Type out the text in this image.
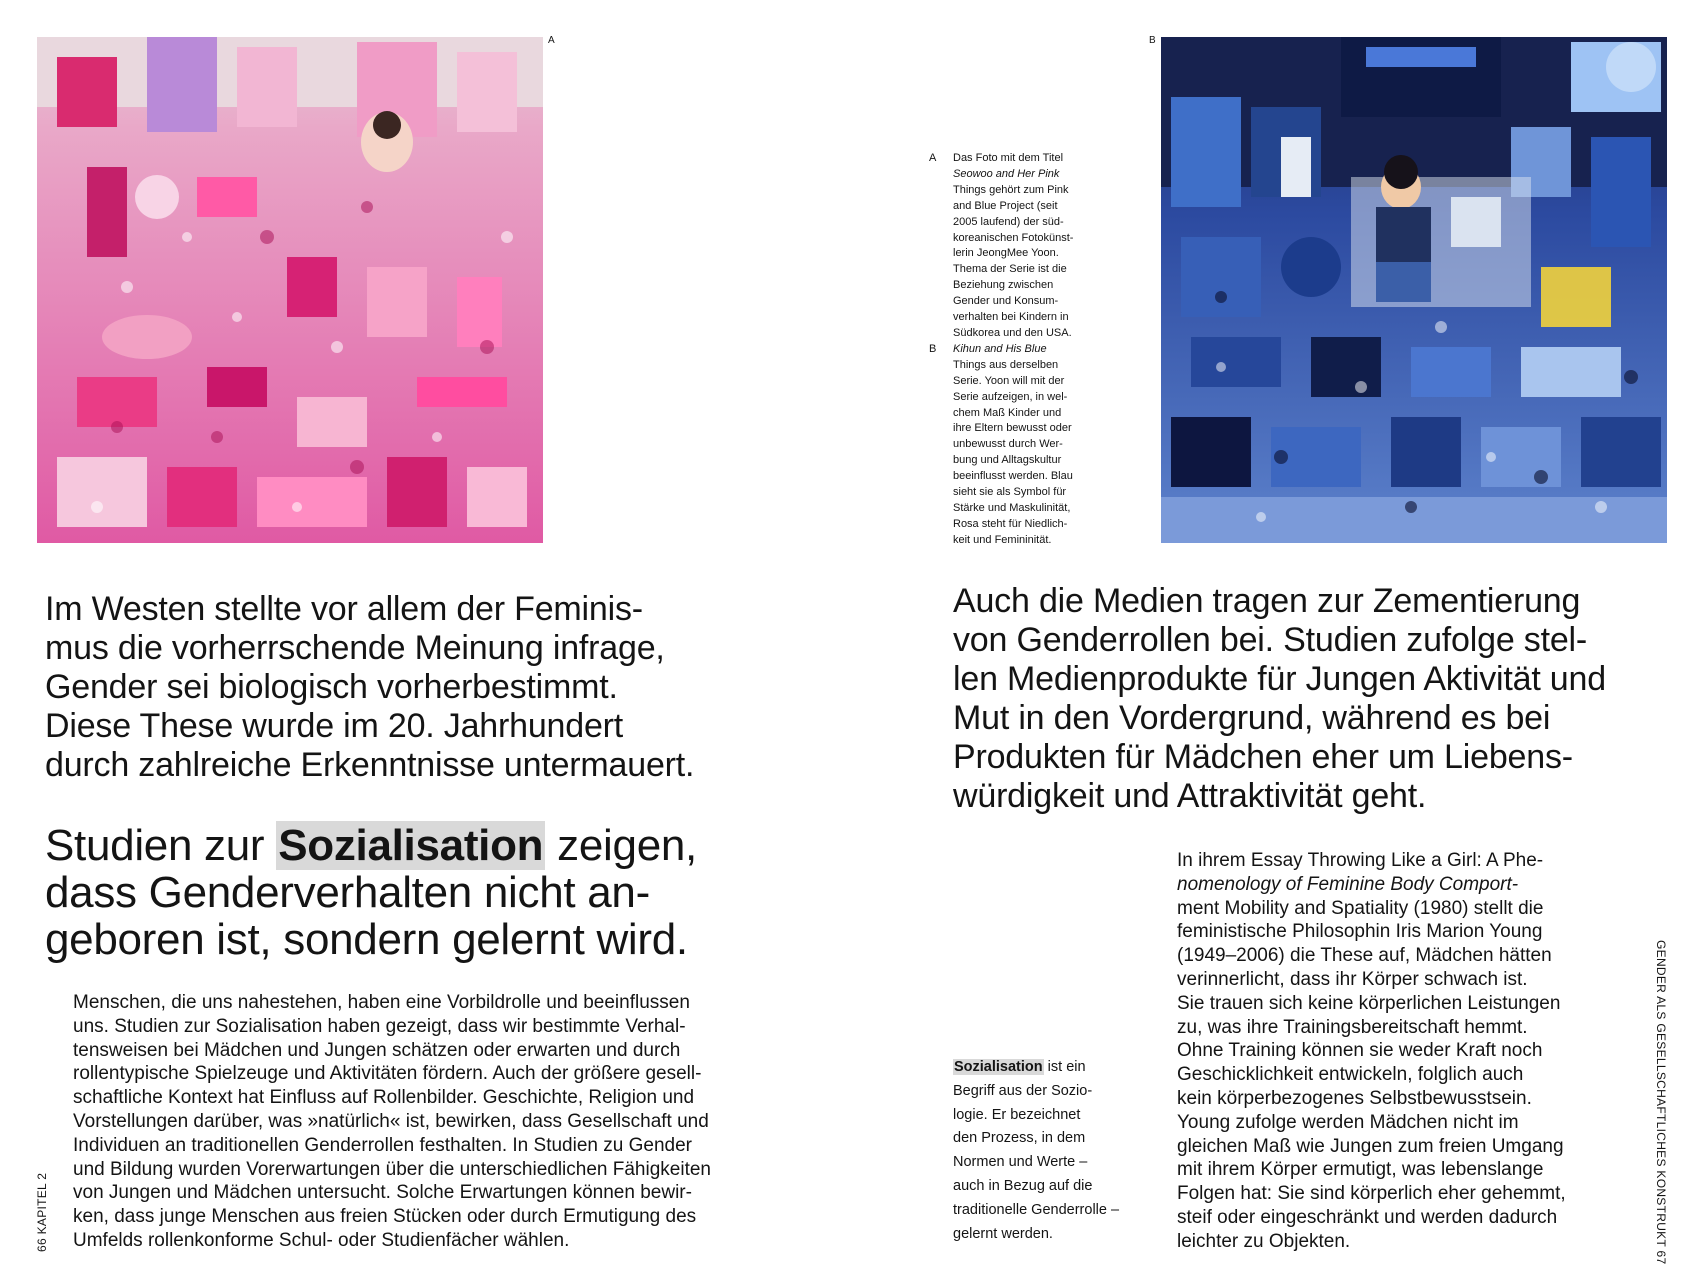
A
Im Westen stellte vor allem der Feminis-
mus die vorherrschende Meinung infrage,
Gender sei biologisch vorherbestimmt.
Diese These wurde im 20. Jahrhundert
durch zahlreiche Erkenntnisse untermauert.
Studien zur Sozialisation zeigen,
dass Genderverhalten nicht an-
geboren ist, sondern gelernt wird.
Menschen, die uns nahestehen, haben eine Vorbildrolle und beeinflussen
uns. Studien zur Sozialisation haben gezeigt, dass wir bestimmte Verhal-
tensweisen bei Mädchen und Jungen schätzen oder erwarten und durch
rollentypische Spielzeuge und Aktivitäten fördern. Auch der größere gesell-
schaftliche Kontext hat Einfluss auf Rollenbilder. Geschichte, Religion und
Vorstellungen darüber, was »natürlich« ist, bewirken, dass Gesellschaft und
Individuen an traditionellen Genderrollen festhalten. In Studien zu Gender
und Bildung wurden Vorerwartungen über die unterschiedlichen Fähigkeiten
von Jungen und Mädchen untersucht. Solche Erwartungen können bewir-
ken, dass junge Menschen aus freien Stücken oder durch Ermutigung des
Umfelds rollenkonforme Schul- oder Studienfächer wählen.
66 KAPITEL 2
B
A	Das Foto mit dem Titel
Seowoo and Her Pink
Things gehört zum Pink
and Blue Project (seit
2005 laufend) der süd-
koreanischen Fotokünst-
lerin JeongMee Yoon.
Thema der Serie ist die
Beziehung zwischen
Gender und Konsum-
verhalten bei Kindern in
Südkorea und den USA.
B	Kihun and His Blue
Things aus derselben
Serie. Yoon will mit der
Serie aufzeigen, in wel-
chem Maß Kinder und
ihre Eltern bewusst oder
unbewusst durch Wer-
bung und Alltagskultur
beeinflusst werden. Blau
sieht sie als Symbol für
Stärke und Maskulinität,
Rosa steht für Niedlich-
keit und Femininität.
Auch die Medien tragen zur Zementierung
von Genderrollen bei. Studien zufolge stel-
len Medienprodukte für Jungen Aktivität und
Mut in den Vordergrund, während es bei
Produkten für Mädchen eher um Liebens-
würdigkeit und Attraktivität geht.
Sozialisation ist ein
Begriff aus der Sozio-
logie. Er bezeichnet
den Prozess, in dem
Normen und Werte –
auch in Bezug auf die
traditionelle Genderrolle –
gelernt werden.
In ihrem Essay Throwing Like a Girl: A Phe-
nomenology of Feminine Body Comport-
ment Mobility and Spatiality (1980) stellt die
feministische Philosophin Iris Marion Young
(1949–2006) die These auf, Mädchen hätten
verinnerlicht, dass ihr Körper schwach ist.
Sie trauen sich keine körperlichen Leistungen
zu, was ihre Trainingsbereitschaft hemmt.
Ohne Training können sie weder Kraft noch
Geschicklichkeit entwickeln, folglich auch
kein körperbezogenes Selbstbewusstsein.
Young zufolge werden Mädchen nicht im
gleichen Maß wie Jungen zum freien Umgang
mit ihrem Körper ermutigt, was lebenslange
Folgen hat: Sie sind körperlich eher gehemmt,
steif oder eingeschränkt und werden dadurch
leichter zu Objekten.	GENDER ALS GESELLSCHAFTLICHES KONSTRUKT 67
